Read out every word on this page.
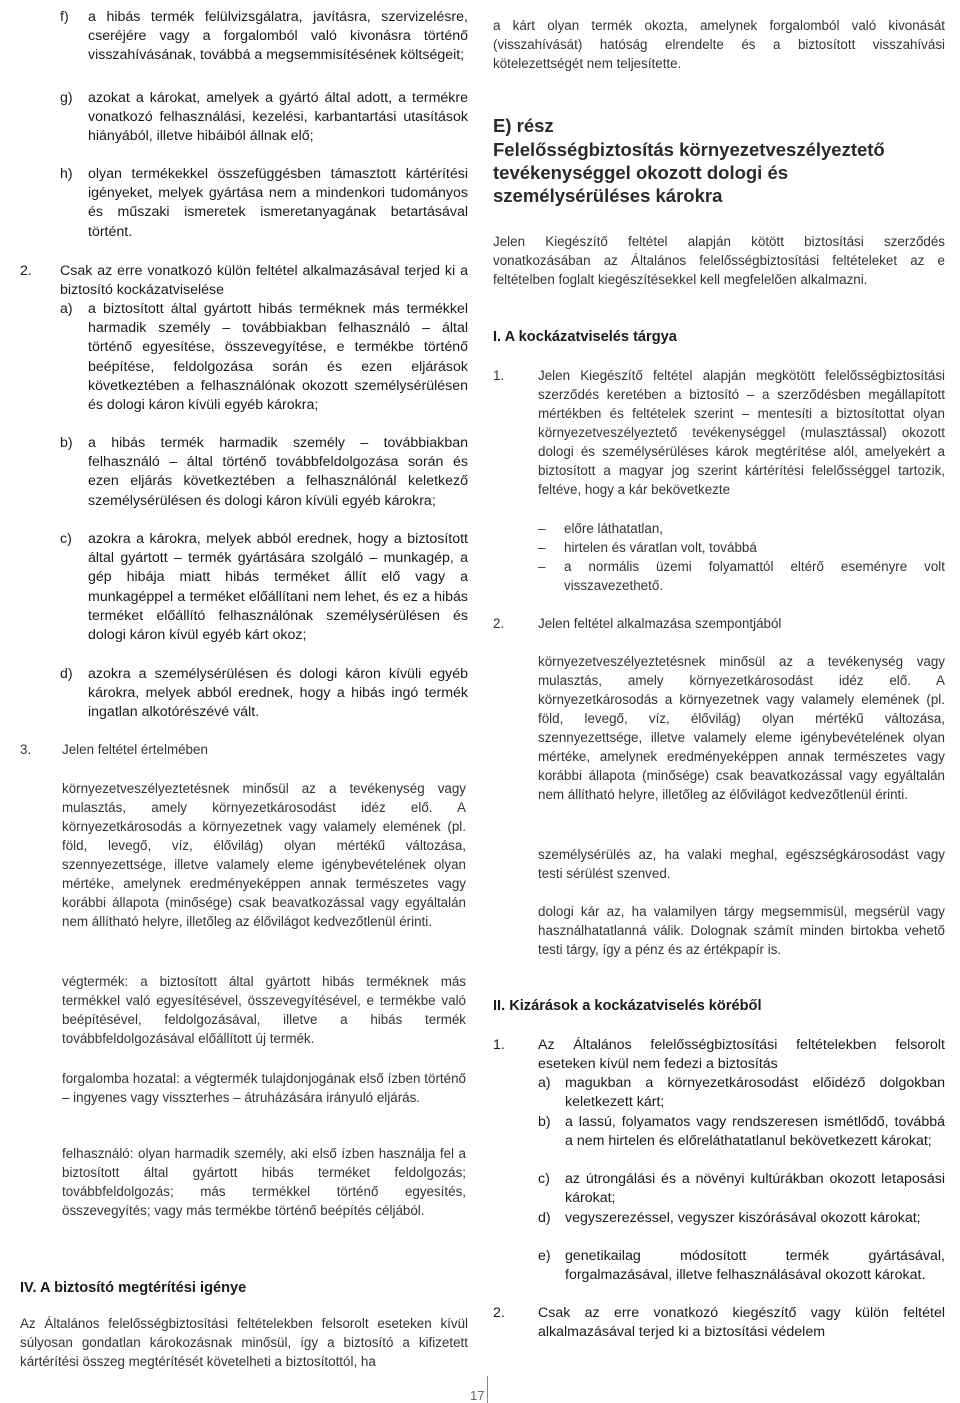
f)	a hibás termék felülvizsgálatra, javításra, szervizelésre, cseréjére vagy a forgalomból való kivonásra történő visszahívásának, továbbá a megsemmisítésének költségeit;

g)	azokat a károkat, amelyek a gyártó által adott, a termékre vonatkozó felhasználási, kezelési, karbantartási utasítások hiányából, illetve hibáiból állnak elő;

h)	olyan termékekkel összefüggésben támasztott kártérítési igényeket, melyek gyártása nem a mindenkori tudományos és műszaki ismeretek ismeretanyagának betartásával történt.

2.	Csak az erre vonatkozó külön feltétel alkalmazásával terjed ki a biztosító kockázatviselése

a)	a biztosított által gyártott hibás terméknek más termékkel harmadik személy – továbbiakban felhasználó – által történő egyesítése, összevegyítése, e termékbe történő beépítése, feldolgozása során és ezen eljárások következtében a felhasználónak okozott személysérülésen és dologi káron kívüli egyéb károkra;

b)	a hibás termék harmadik személy – továbbiakban felhasználó – által történő továbbfeldolgozása során és ezen eljárás következtében a felhasználónál keletkező személysérülésen és dologi káron kívüli egyéb károkra;

c)	azokra a károkra, melyek abból erednek, hogy a biztosított által gyártott – termék gyártására szolgáló – munkagép, a gép hibája miatt hibás terméket állít elő vagy a munkagéppel a terméket előállítani nem lehet, és ez a hibás terméket előállító felhasználónak személysérülésen és dologi káron kívül egyéb kárt okoz;

d)	azokra a személysérülésen és dologi káron kívüli egyéb károkra, melyek abból erednek, hogy a hibás ingó termék ingatlan alkotórészévé vált.

3.	Jelen feltétel értelmében

környezetveszélyeztetésnek minősül az a tevékenység vagy mulasztás, amely környezetkárosodást idéz elő. A környezetkárosodás a környezetnek vagy valamely elemének (pl. föld, levegő, víz, élővilág) olyan mértékű változása, szennyezettsége, illetve valamely eleme igénybevételének olyan mértéke, amelynek eredményeképpen annak természetes vagy korábbi állapota (minősége) csak beavatkozással vagy egyáltalán nem állítható helyre, illetőleg az élővilágot kedvezőtlenül érinti.

végtermék: a biztosított által gyártott hibás terméknek más termékkel való egyesítésével, összevegyítésével, e termékbe való beépítésével, feldolgozásával, illetve a hibás termék továbbfeldolgozásával előállított új termék.

forgalomba hozatal: a végtermék tulajdonjogának első ízben történő – ingyenes vagy visszterhes – átruházására irányuló eljárás.

felhasználó: olyan harmadik személy, aki első ízben használja fel a biztosított által gyártott hibás terméket feldolgozás; továbbfeldolgozás; más termékkel történő egyesítés, összevegyítés; vagy más termékbe történő beépítés céljából.

IV. A biztosító megtérítési igénye

Az Általános felelősségbiztosítási feltételekben felsorolt eseteken kívül súlyosan gondatlan károkozásnak minősül, így a biztosító a kifizetett kártérítési összeg megtérítését követelheti a biztosítottól, ha

a kárt olyan termék okozta, amelynek forgalomból való kivonását (visszahívását) hatóság elrendelte és a biztosított visszahívási kötelezettségét nem teljesítette.

E) rész
Felelősségbiztosítás környezetveszélyeztető tevékenységgel okozott dologi és személysérüléses károkra

Jelen Kiegészítő feltétel alapján kötött biztosítási szerződés vonatkozásában az Általános felelősségbiztosítási feltételeket az e feltételben foglalt kiegészítésekkel kell megfelelően alkalmazni.

I. A kockázatviselés tárgya
1.	Jelen Kiegészítő feltétel alapján megkötött felelősségbiztosítási szerződés keretében a biztosító – a szerződésben megállapított mértékben és feltételek szerint – mentesíti a biztosítottat olyan környezetveszélyeztető tevékenységgel (mulasztással) okozott dologi és személysérüléses károk megtérítése alól, amelyekért a biztosított a magyar jog szerint kártérítési felelősséggel tartozik, feltéve, hogy a kár bekövetkezte

–	előre láthatatlan,

–	hirtelen és váratlan volt, továbbá

–	a normális üzemi folyamattól eltérő eseményre volt visszavezethető.

2.	Jelen feltétel alkalmazása szempontjából

környezetveszélyeztetésnek minősül az a tevékenység vagy mulasztás, amely környezetkárosodást idéz elő. A környezetkárosodás a környezetnek vagy valamely elemének (pl. föld, levegő, víz, élővilág) olyan mértékű változása, szennyezettsége, illetve valamely eleme igénybevételének olyan mértéke, amelynek eredményeképpen annak természetes vagy korábbi állapota (minősége) csak beavatkozással vagy egyáltalán nem állítható helyre, illetőleg az élővilágot kedvezőtlenül érinti.

személysérülés az, ha valaki meghal, egészségkárosodást vagy testi sérülést szenved.

dologi kár az, ha valamilyen tárgy megsemmisül, megsérül vagy használhatatlanná válik. Dolognak számít minden birtokba vehető testi tárgy, így a pénz és az értékpapír is.

II. Kizárások a kockázatviselés köréből
1.	Az Általános felelősségbiztosítási feltételekben felsorolt eseteken kívül nem fedezi a biztosítás

a)	magukban a környezetkárosodást előidéző dolgokban keletkezett kárt;

b)	a lassú, folyamatos vagy rendszeresen ismétlődő, továbbá a nem hirtelen és előreláthatatlanul bekövetkezett károkat;

c)	az útrongálási és a növényi kultúrákban okozott letaposási károkat;

d)	vegyszerezéssel, vegyszer kiszórásával okozott károkat;

e)	genetikailag módosított termék gyártásával, forgalmazásával, illetve felhasználásával okozott károkat.

2.	Csak az erre vonatkozó kiegészítő vagy külön feltétel alkalmazásával terjed ki a biztosítási védelem

17
